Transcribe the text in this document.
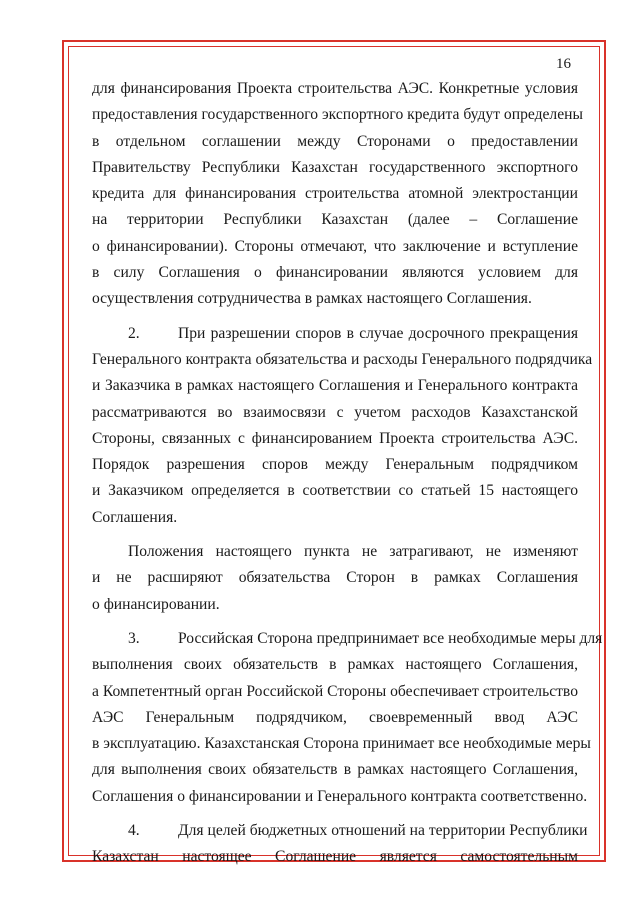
16
для финансирования Проекта строительства АЭС. Конкретные условия
предоставления государственного экспортного кредита будут определены
в отдельном соглашении между Сторонами о предоставлении
Правительству Республики Казахстан государственного экспортного
кредита для финансирования строительства атомной электростанции
на территории Республики Казахстан (далее – Соглашение
о финансировании). Стороны отмечают, что заключение и вступление
в силу Соглашения о финансировании являются условием для
осуществления сотрудничества в рамках настоящего Соглашения.
2. При разрешении споров в случае досрочного прекращения
Генерального контракта обязательства и расходы Генерального подрядчика
и Заказчика в рамках настоящего Соглашения и Генерального контракта
рассматриваются во взаимосвязи с учетом расходов Казахстанской
Стороны, связанных с финансированием Проекта строительства АЭС.
Порядок разрешения споров между Генеральным подрядчиком
и Заказчиком определяется в соответствии со статьей 15 настоящего
Соглашения.
Положения настоящего пункта не затрагивают, не изменяют
и не расширяют обязательства Сторон в рамках Соглашения
о финансировании.
3. Российская Сторона предпринимает все необходимые меры для
выполнения своих обязательств в рамках настоящего Соглашения,
а Компетентный орган Российской Стороны обеспечивает строительство
АЭС Генеральным подрядчиком, своевременный ввод АЭС
в эксплуатацию. Казахстанская Сторона принимает все необходимые меры
для выполнения своих обязательств в рамках настоящего Соглашения,
Соглашения о финансировании и Генерального контракта соответственно.
4. Для целей бюджетных отношений на территории Республики
Казахстан настоящее Соглашение является самостоятельным
